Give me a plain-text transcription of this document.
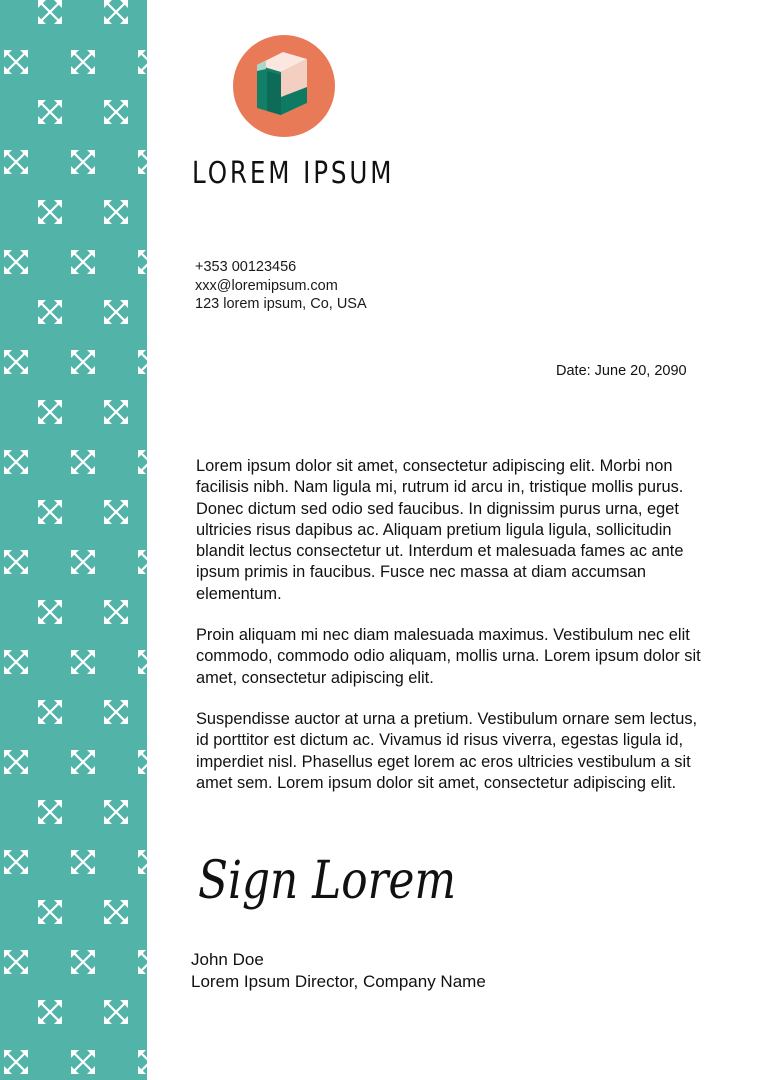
LOREM IPSUM
+353 00123456
xxx@loremipsum.com
123 lorem ipsum, Co, USA
Date: June 20, 2090

Lorem ipsum dolor sit amet, consectetur adipiscing elit. Morbi non facilisis nibh. Nam ligula mi, rutrum id arcu in, tristique mollis purus. Donec dictum sed odio sed faucibus. In dignissim purus urna, eget ultricies risus dapibus ac. Aliquam pretium ligula ligula, sollicitudin blandit lectus consectetur ut. Interdum et malesuada fames ac ante ipsum primis in faucibus. Fusce nec massa at diam accumsan elementum.

Proin aliquam mi nec diam malesuada maximus. Vestibulum nec elit commodo, commodo odio aliquam, mollis urna. Lorem ipsum dolor sit amet, consectetur adipiscing elit.

Suspendisse auctor at urna a pretium. Vestibulum ornare sem lectus, id porttitor est dictum ac. Vivamus id risus viverra, egestas ligula id, imperdiet nisl. Phasellus eget lorem ac eros ultricies vestibulum a sit amet sem. Lorem ipsum dolor sit amet, consectetur adipiscing elit.

Sign Lorem
John Doe
Lorem Ipsum Director, Company Name
